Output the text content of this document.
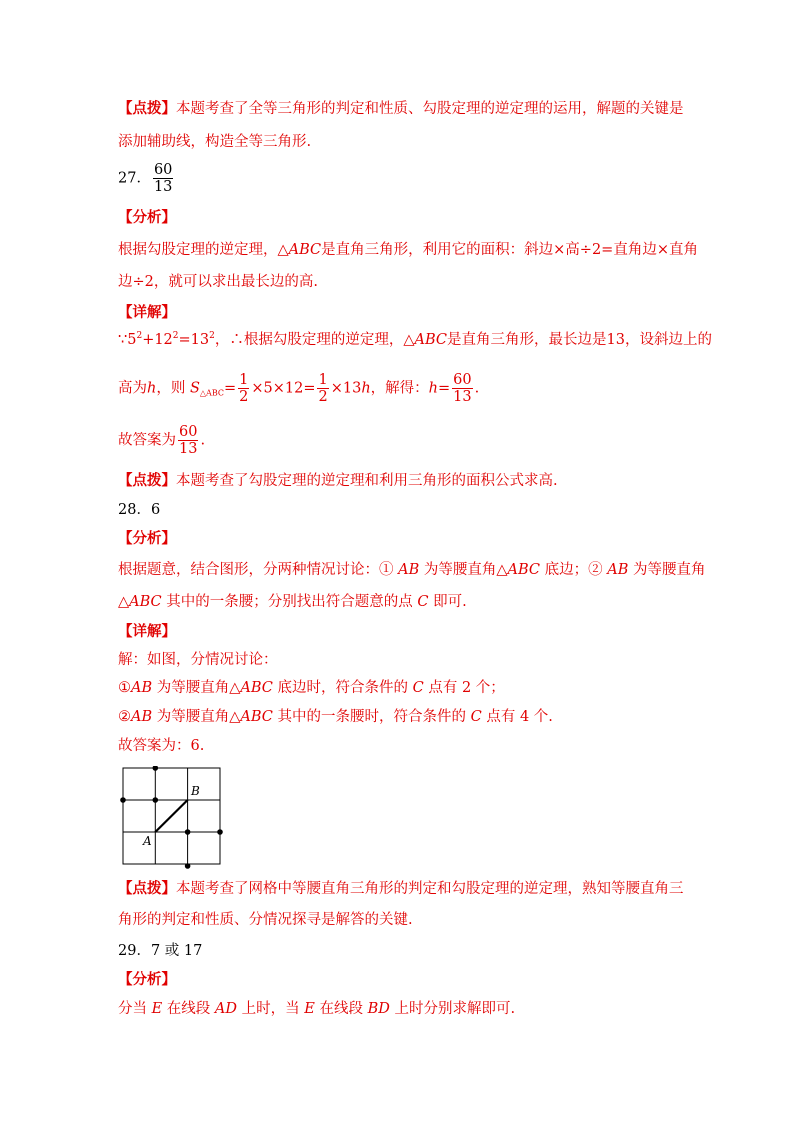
【点拨】本题考查了全等三角形的判定和性质、勾股定理的逆定理的运用，解题的关键是
添加辅助线，构造全等三角形.
27． $\frac{60}{13}$
【分析】
根据勾股定理的逆定理，△ABC是直角三角形，利用它的面积：斜边×高÷2=直角边×直角
边÷2，就可以求出最长边的高.
【详解】
$\because 5^2+12^2=13^2$，∴根据勾股定理的逆定理，△ABC是直角三角形，最长边是13，设斜边上的
高为h，则 $S_{\triangle ABC}= \frac{1}{2} \times 5\times 12= \frac{1}{2} \times 13h$，解得：$h= \frac{60}{13}$ .
故答案为 $\frac{60}{13}$ .
【点拨】本题考查了勾股定理的逆定理和利用三角形的面积公式求高.
28．6
【分析】
根据题意，结合图形，分两种情况讨论：① AB 为等腰直角△ABC 底边；② AB 为等腰直角
△ABC 其中的一条腰；分别找出符合题意的点 C 即可.
【详解】
解：如图，分情况讨论：
①AB 为等腰直角△ABC 底边时，符合条件的 C 点有 2 个；
②AB 为等腰直角△ABC 其中的一条腰时，符合条件的 C 点有 4 个.
故答案为：6.
B
A
【点拨】本题考查了网格中等腰直角三角形的判定和勾股定理的逆定理，熟知等腰直角三
角形的判定和性质、分情况探寻是解答的关键.
29．7 或 17
【分析】
分当 E 在线段 AD 上时，当 E 在线段 BD 上时分别求解即可.
